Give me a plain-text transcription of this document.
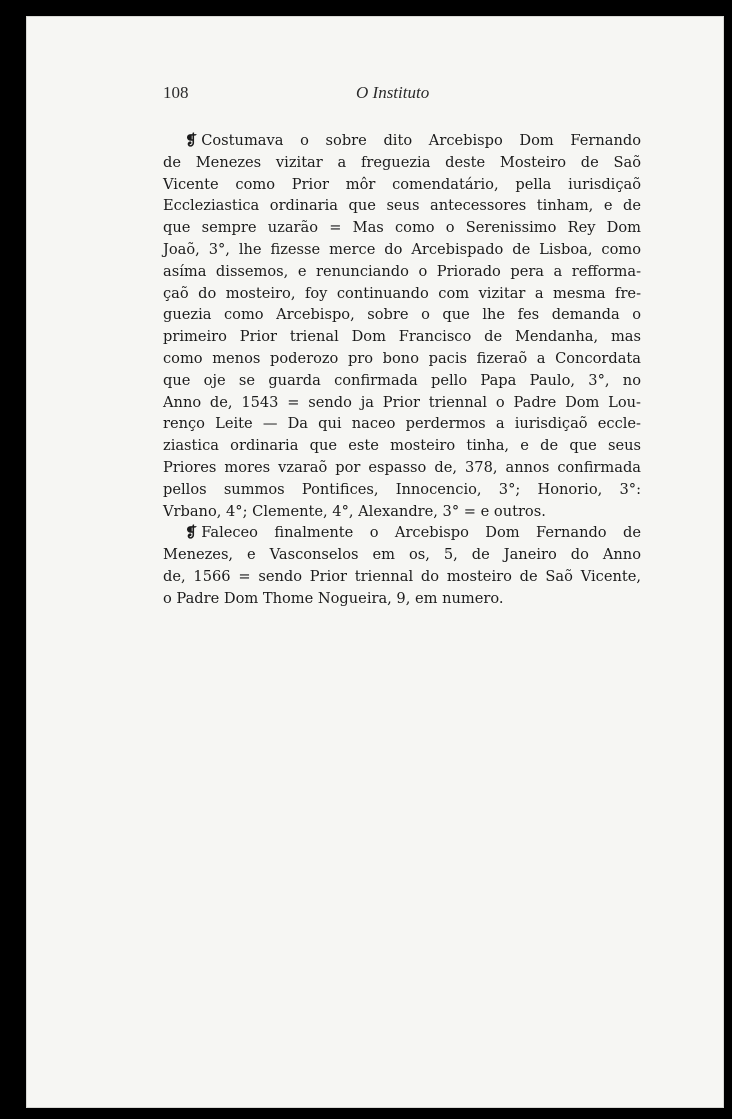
108	O Instituto
❡ Costumava o sobre dito Arcebispo Dom Fernando
de Menezes vizitar a freguezia deste Mosteiro de Saõ
Vicente como Prior môr comendatário, pella iurisdiçaõ
Eccleziastica ordinaria que seus antecessores tinham, e de
que sempre uzarão = Mas como o Serenissimo Rey Dom
Joaõ, 3°, lhe fizesse merce do Arcebispado de Lisboa, como
asíma dissemos, e renunciando o Priorado pera a refforma-
çaõ do mosteiro, foy continuando com vizitar a mesma fre-
guezia como Arcebispo, sobre o que lhe fes demanda o
primeiro Prior trienal Dom Francisco de Mendanha, mas
como menos poderozo pro bono pacis fizeraõ a Concordata
que oje se guarda confirmada pello Papa Paulo, 3°, no
Anno de, 1543 = sendo ja Prior triennal o Padre Dom Lou-
renço Leite — Da qui naceo perdermos a iurisdiçaõ eccle-
ziastica ordinaria que este mosteiro tinha, e de que seus
Priores mores vzaraõ por espasso de, 378, annos confirmada
pellos summos Pontifices, Innocencio, 3°; Honorio, 3°:
Vrbano, 4°; Clemente, 4°, Alexandre, 3° = e outros.
❡ Faleceo finalmente o Arcebispo Dom Fernando de
Menezes, e Vasconselos em os, 5, de Janeiro do Anno
de, 1566 = sendo Prior triennal do mosteiro de Saõ Vicente,
o Padre Dom Thome Nogueira, 9, em numero.
